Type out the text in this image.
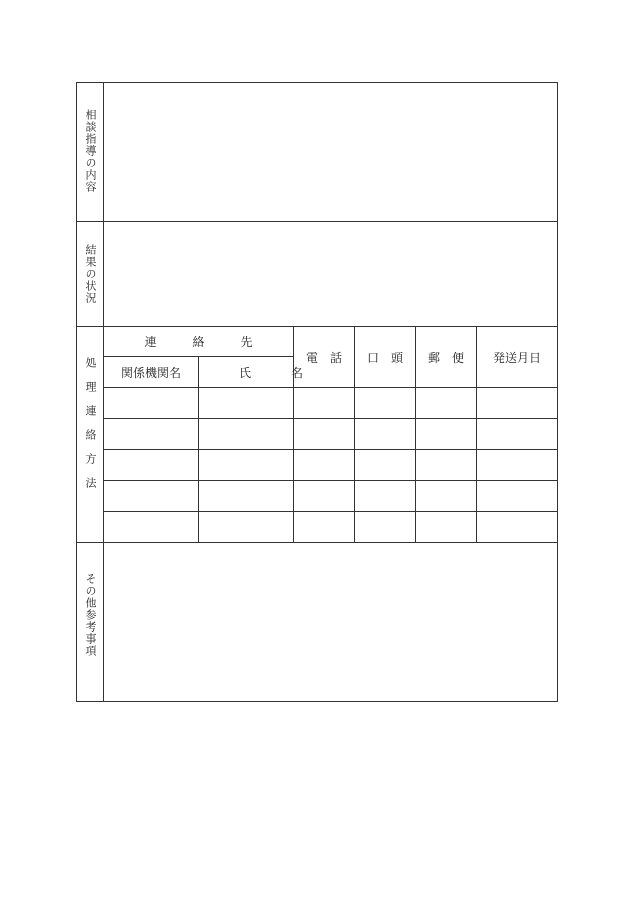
相談指導の内容						

結果の状況						

処理連絡方法	連絡先		電話	口頭	郵便	発送月日
	関係機関名	氏名				

その他参考事項						
